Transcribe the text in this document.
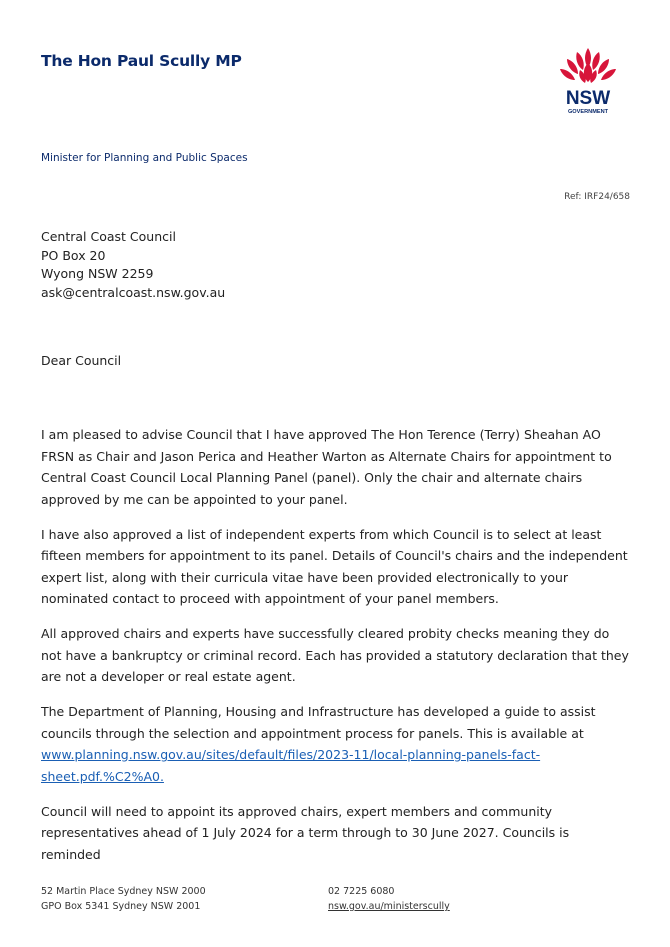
The Hon Paul Scully MP
NSW
GOVERNMENT
Minister for Planning and Public Spaces
Ref: IRF24/658
Central Coast Council
PO Box 20
Wyong NSW 2259
ask@centralcoast.nsw.gov.au
Dear Council

I am pleased to advise Council that I have approved The Hon Terence (Terry) Sheahan AO FRSN as Chair and Jason Perica and Heather Warton as Alternate Chairs for appointment to Central Coast Council Local Planning Panel (panel). Only the chair and alternate chairs approved by me can be appointed to your panel.

I have also approved a list of independent experts from which Council is to select at least fifteen members for appointment to its panel. Details of Council's chairs and the independent expert list, along with their curricula vitae have been provided electronically to your nominated contact to proceed with appointment of your panel members.

All approved chairs and experts have successfully cleared probity checks meaning they do not have a bankruptcy or criminal record. Each has provided a statutory declaration that they are not a developer or real estate agent.

The Department of Planning, Housing and Infrastructure has developed a guide to assist councils through the selection and appointment process for panels. This is available at www.planning.nsw.gov.au/sites/default/files/2023-11/local-planning-panels-fact-sheet.pdf.%C2%A0.

Council will need to appoint its approved chairs, expert members and community representatives ahead of 1 July 2024 for a term through to 30 June 2027. Councils is reminded

52 Martin Place Sydney NSW 2000
GPO Box 5341 Sydney NSW 2001
02 7225 6080
nsw.gov.au/ministerscully
